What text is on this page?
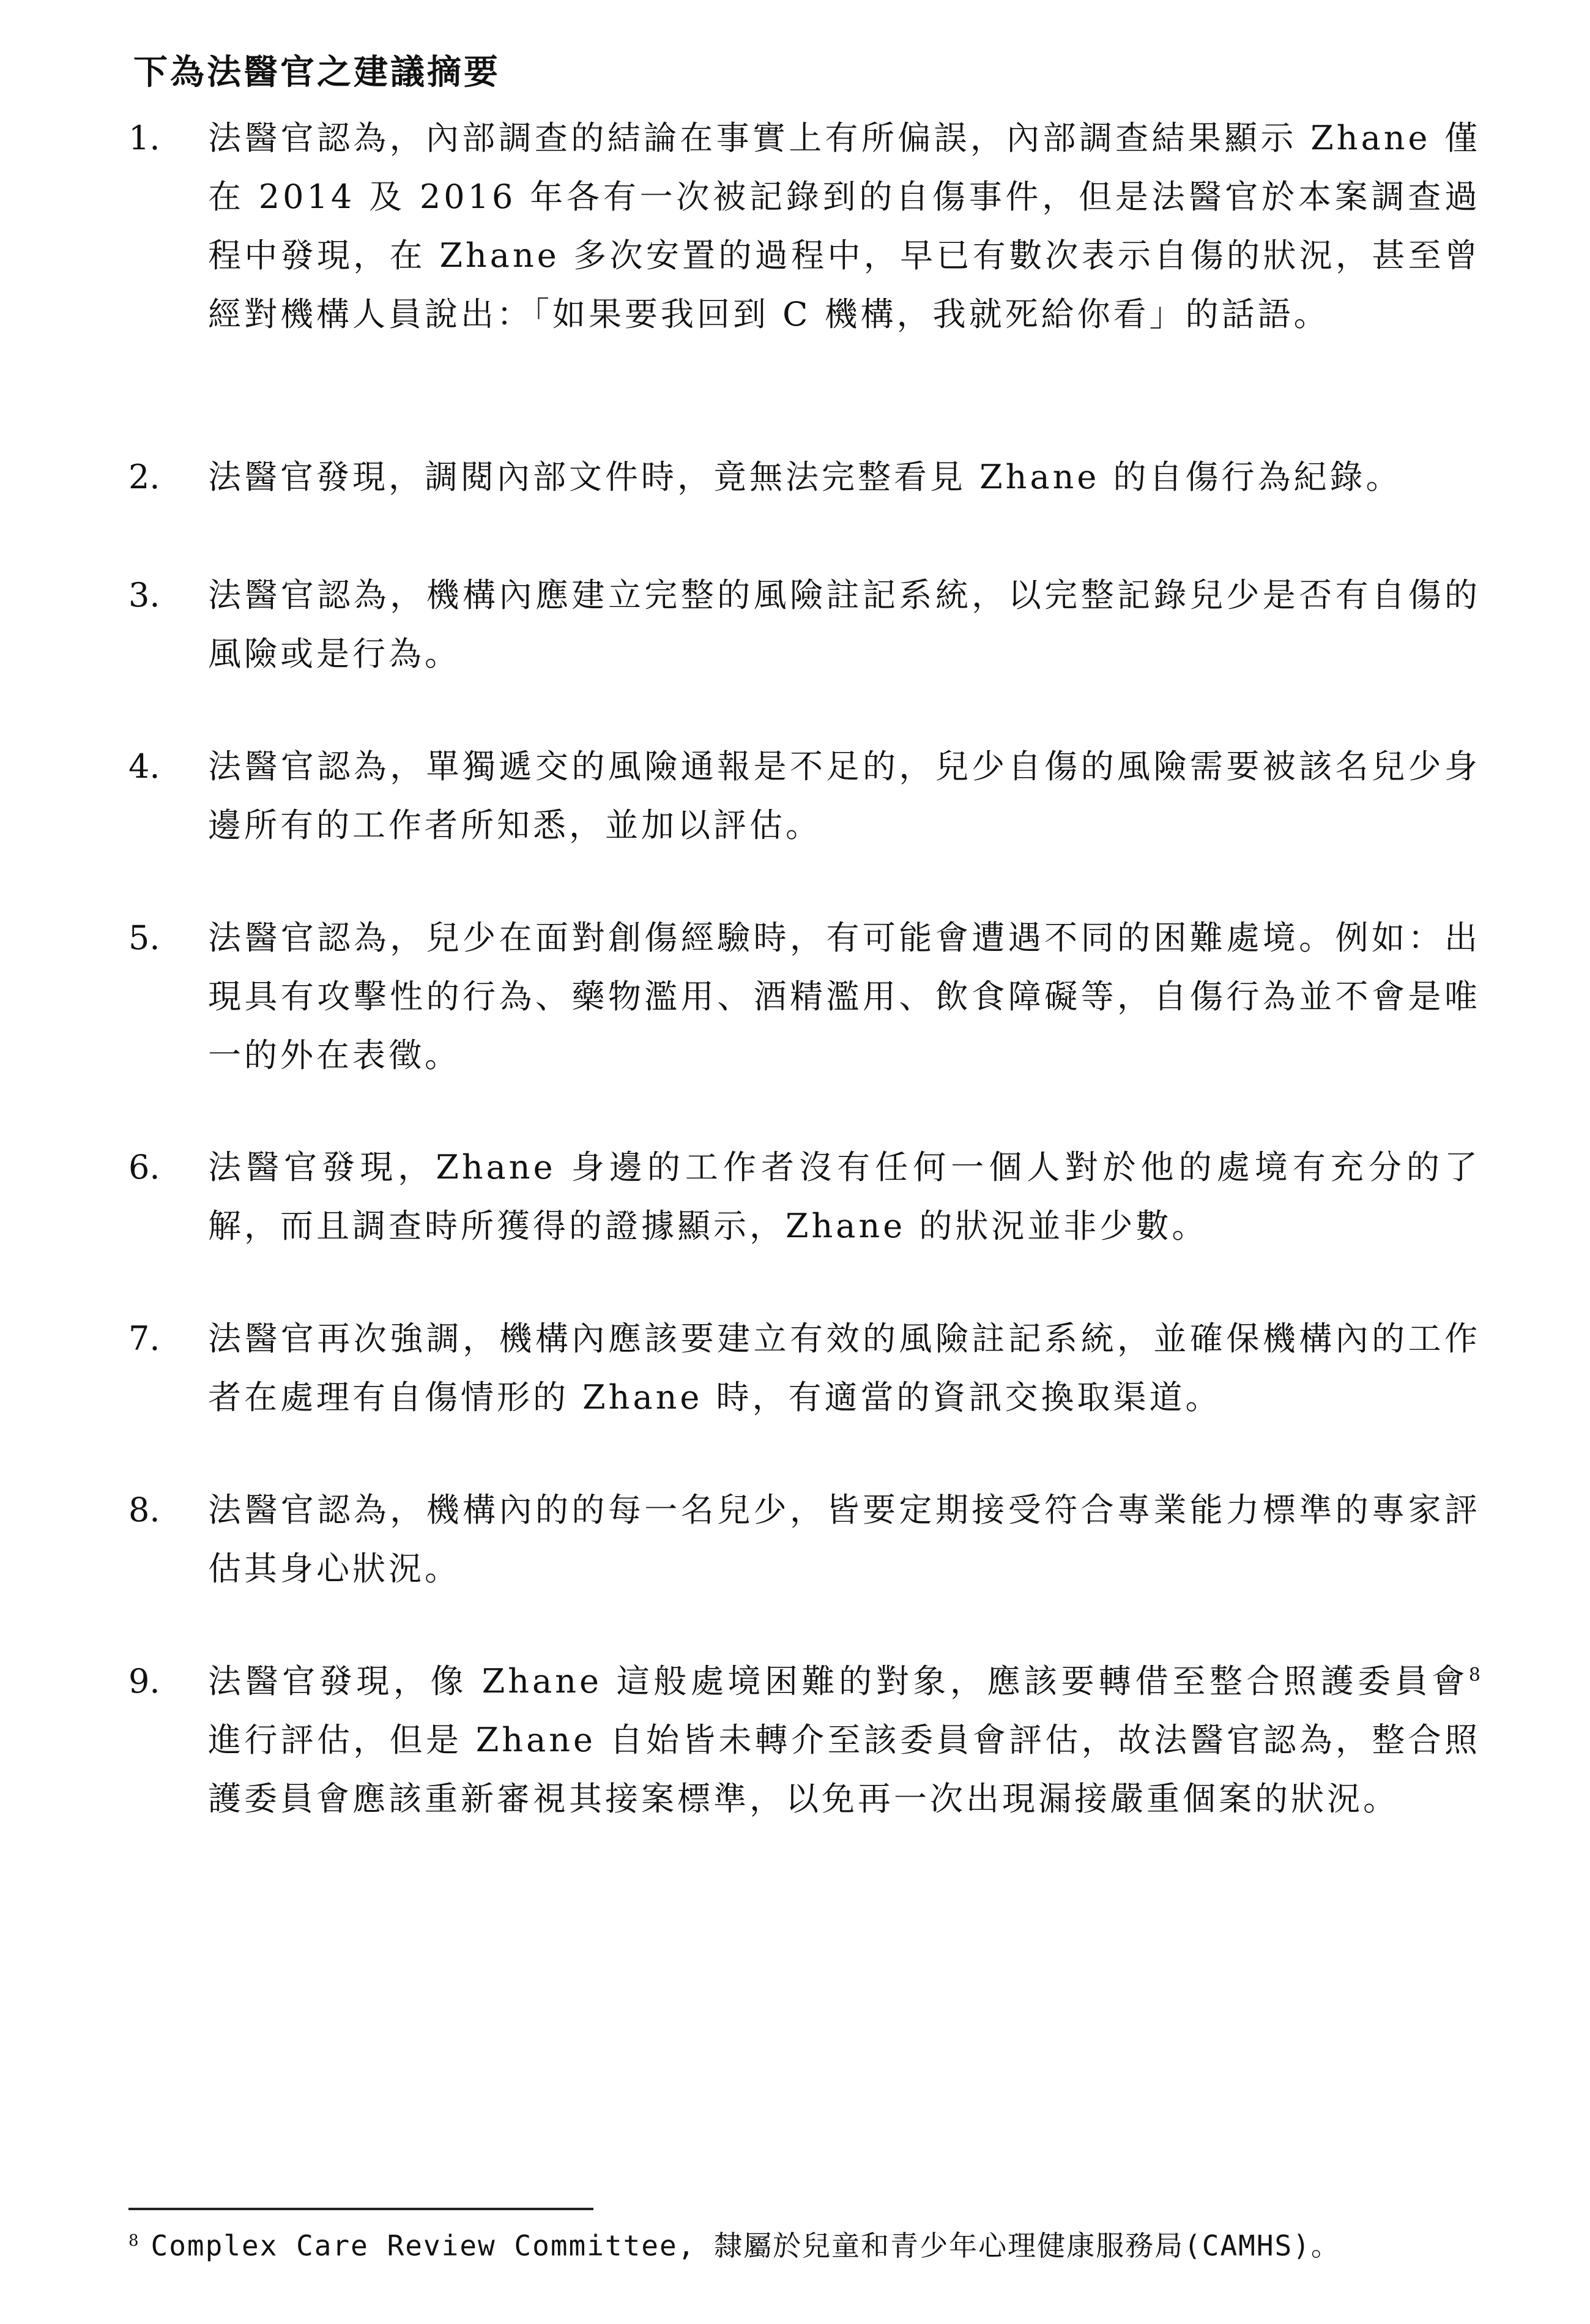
下為法醫官之建議摘要
1. 法醫官認為，內部調查的結論在事實上有所偏誤，內部調查結果顯示 Zhane 僅在 2014 及 2016 年各有一次被記錄到的自傷事件，但是法醫官於本案調查過程中發現，在 Zhane 多次安置的過程中，早已有數次表示自傷的狀況，甚至曾經對機構人員說出：「如果要我回到 C 機構，我就死給你看」的話語。

2. 法醫官發現，調閱內部文件時，竟無法完整看見 Zhane 的自傷行為紀錄。

3. 法醫官認為，機構內應建立完整的風險註記系統，以完整記錄兒少是否有自傷的風險或是行為。

4. 法醫官認為，單獨遞交的風險通報是不足的，兒少自傷的風險需要被該名兒少身邊所有的工作者所知悉，並加以評估。

5. 法醫官認為，兒少在面對創傷經驗時，有可能會遭遇不同的困難處境。例如：出現具有攻擊性的行為、藥物濫用、酒精濫用、飲食障礙等，自傷行為並不會是唯一的外在表徵。

6. 法醫官發現，Zhane 身邊的工作者沒有任何一個人對於他的處境有充分的了解，而且調查時所獲得的證據顯示，Zhane 的狀況並非少數。

7. 法醫官再次強調，機構內應該要建立有效的風險註記系統，並確保機構內的工作者在處理有自傷情形的 Zhane 時，有適當的資訊交換取渠道。

8. 法醫官認為，機構內的的每一名兒少，皆要定期接受符合專業能力標準的專家評估其身心狀況。

9. 法醫官發現，像 Zhane 這般處境困難的對象，應該要轉借至整合照護委員會$^8$進行評估，但是 Zhane 自始皆未轉介至該委員會評估，故法醫官認為，整合照護委員會應該重新審視其接案標準，以免再一次出現漏接嚴重個案的狀況。

$^8$ Complex Care Review Committee, 隸屬於兒童和青少年心理健康服務局(CAMHS)。
